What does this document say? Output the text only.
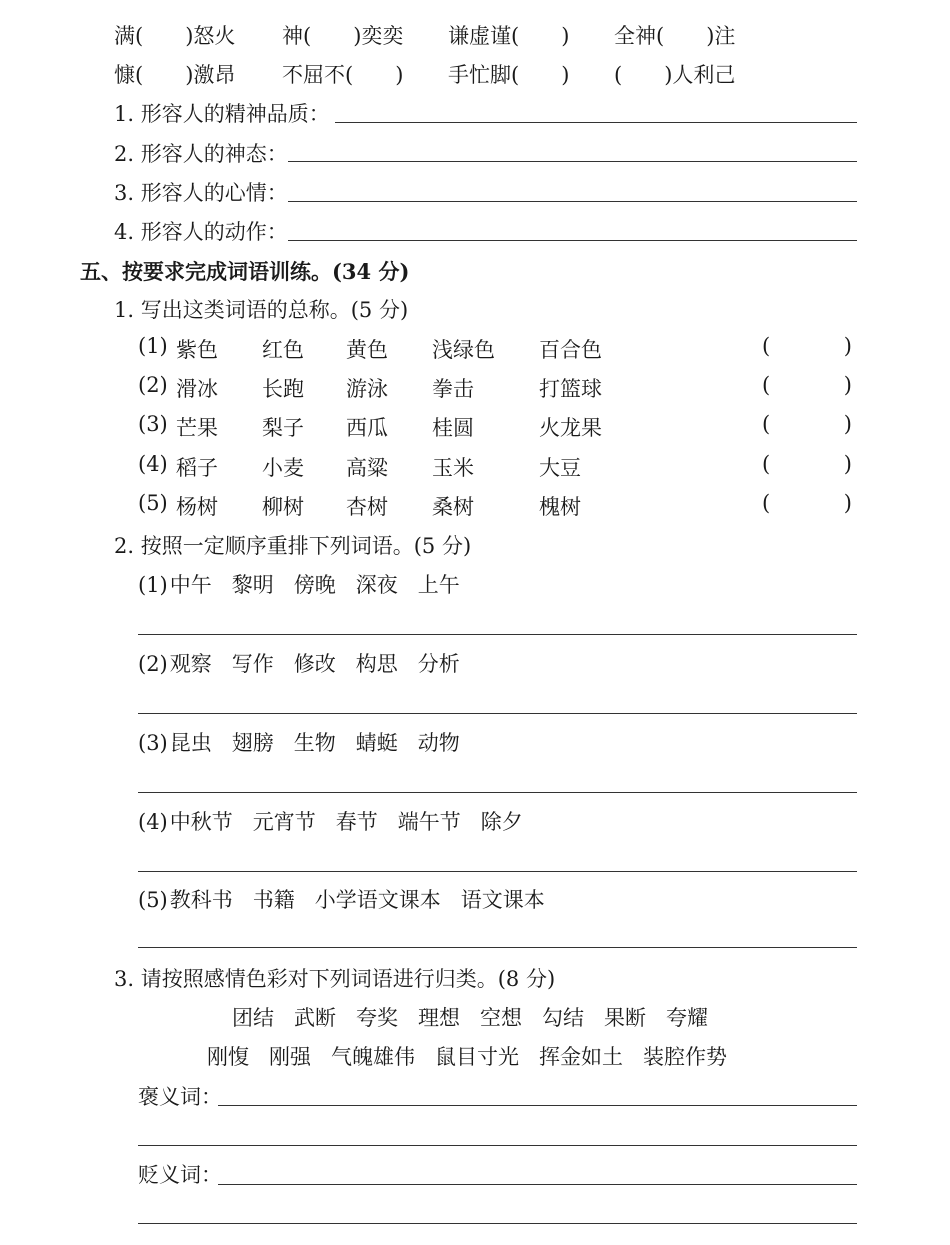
满(　　)怒火 神(　　)奕奕 谦虚谨(　　) 全神(　　)注
慷(　　)激昂 不屈不(　　) 手忙脚(　　) (　　)人利己
1. 形容人的精神品质：
2. 形容人的神态：
3. 形容人的心情：
4. 形容人的动作：
五、按要求完成词语训练。(34 分)
1. 写出这类词语的总称。(5 分)
(1) 紫色 红色 黄色 浅绿色 百合色	(	)
(2) 滑冰 长跑 游泳 拳击	打篮球	(	)
(3) 芒果 梨子 西瓜 桂圆	火龙果	(	)
(4) 稻子 小麦 高粱 玉米	大豆	(	)
(5) 杨树 柳树 杏树 桑树	槐树	(	)
2. 按照一定顺序重排下列词语。(5 分)
(1)中午 黎明 傍晚 深夜 上午
(2)观察 写作 修改 构思 分析
(3)昆虫 翅膀 生物 蜻蜓 动物
(4)中秋节 元宵节 春节 端午节 除夕
(5)教科书 书籍 小学语文课本 语文课本
3. 请按照感情色彩对下列词语进行归类。(8 分)
团结 武断 夸奖 理想 空想 勾结 果断 夸耀
刚愎 刚强 气魄雄伟 鼠目寸光 挥金如土 装腔作势
褒义词：
贬义词：
